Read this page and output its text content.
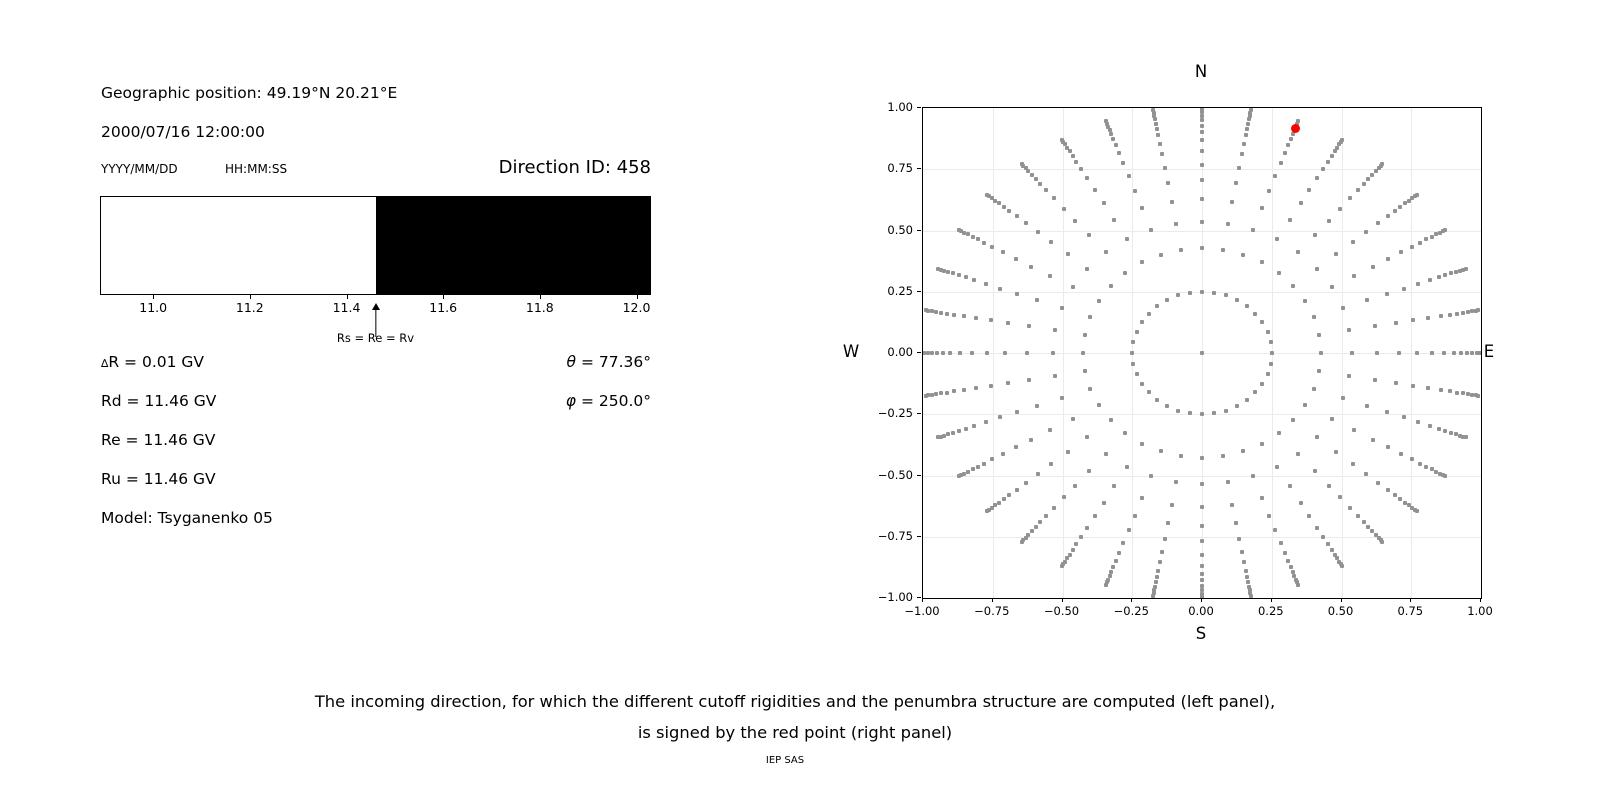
Geographic position: 49.19°N 20.21°E
2000/07/16 12:00:00
YYYY/MM/DD	HH:MM:SS	Direction ID: 458
11.0	11.2	11.4	11.6	11.8	12.0
Rs = Re = Rv
∆R = 0.01 GV
Rd = 11.46 GV
Re = 11.46 GV
Ru = 11.46 GV
Model: Tsyganenko 05
θ = 77.36°
φ = 250.0°
−1.00	−0.75	−0.50	−0.25	0.00	0.25	0.50	0.75	1.00
−1.00
−0.75
−0.50
−0.25
0.00
0.25
0.50
0.75
1.00
N
S
W	E
The incoming direction, for which the different cutoff rigidities and the penumbra structure are computed (left panel),
is signed by the red point (right panel)
IEP SAS
